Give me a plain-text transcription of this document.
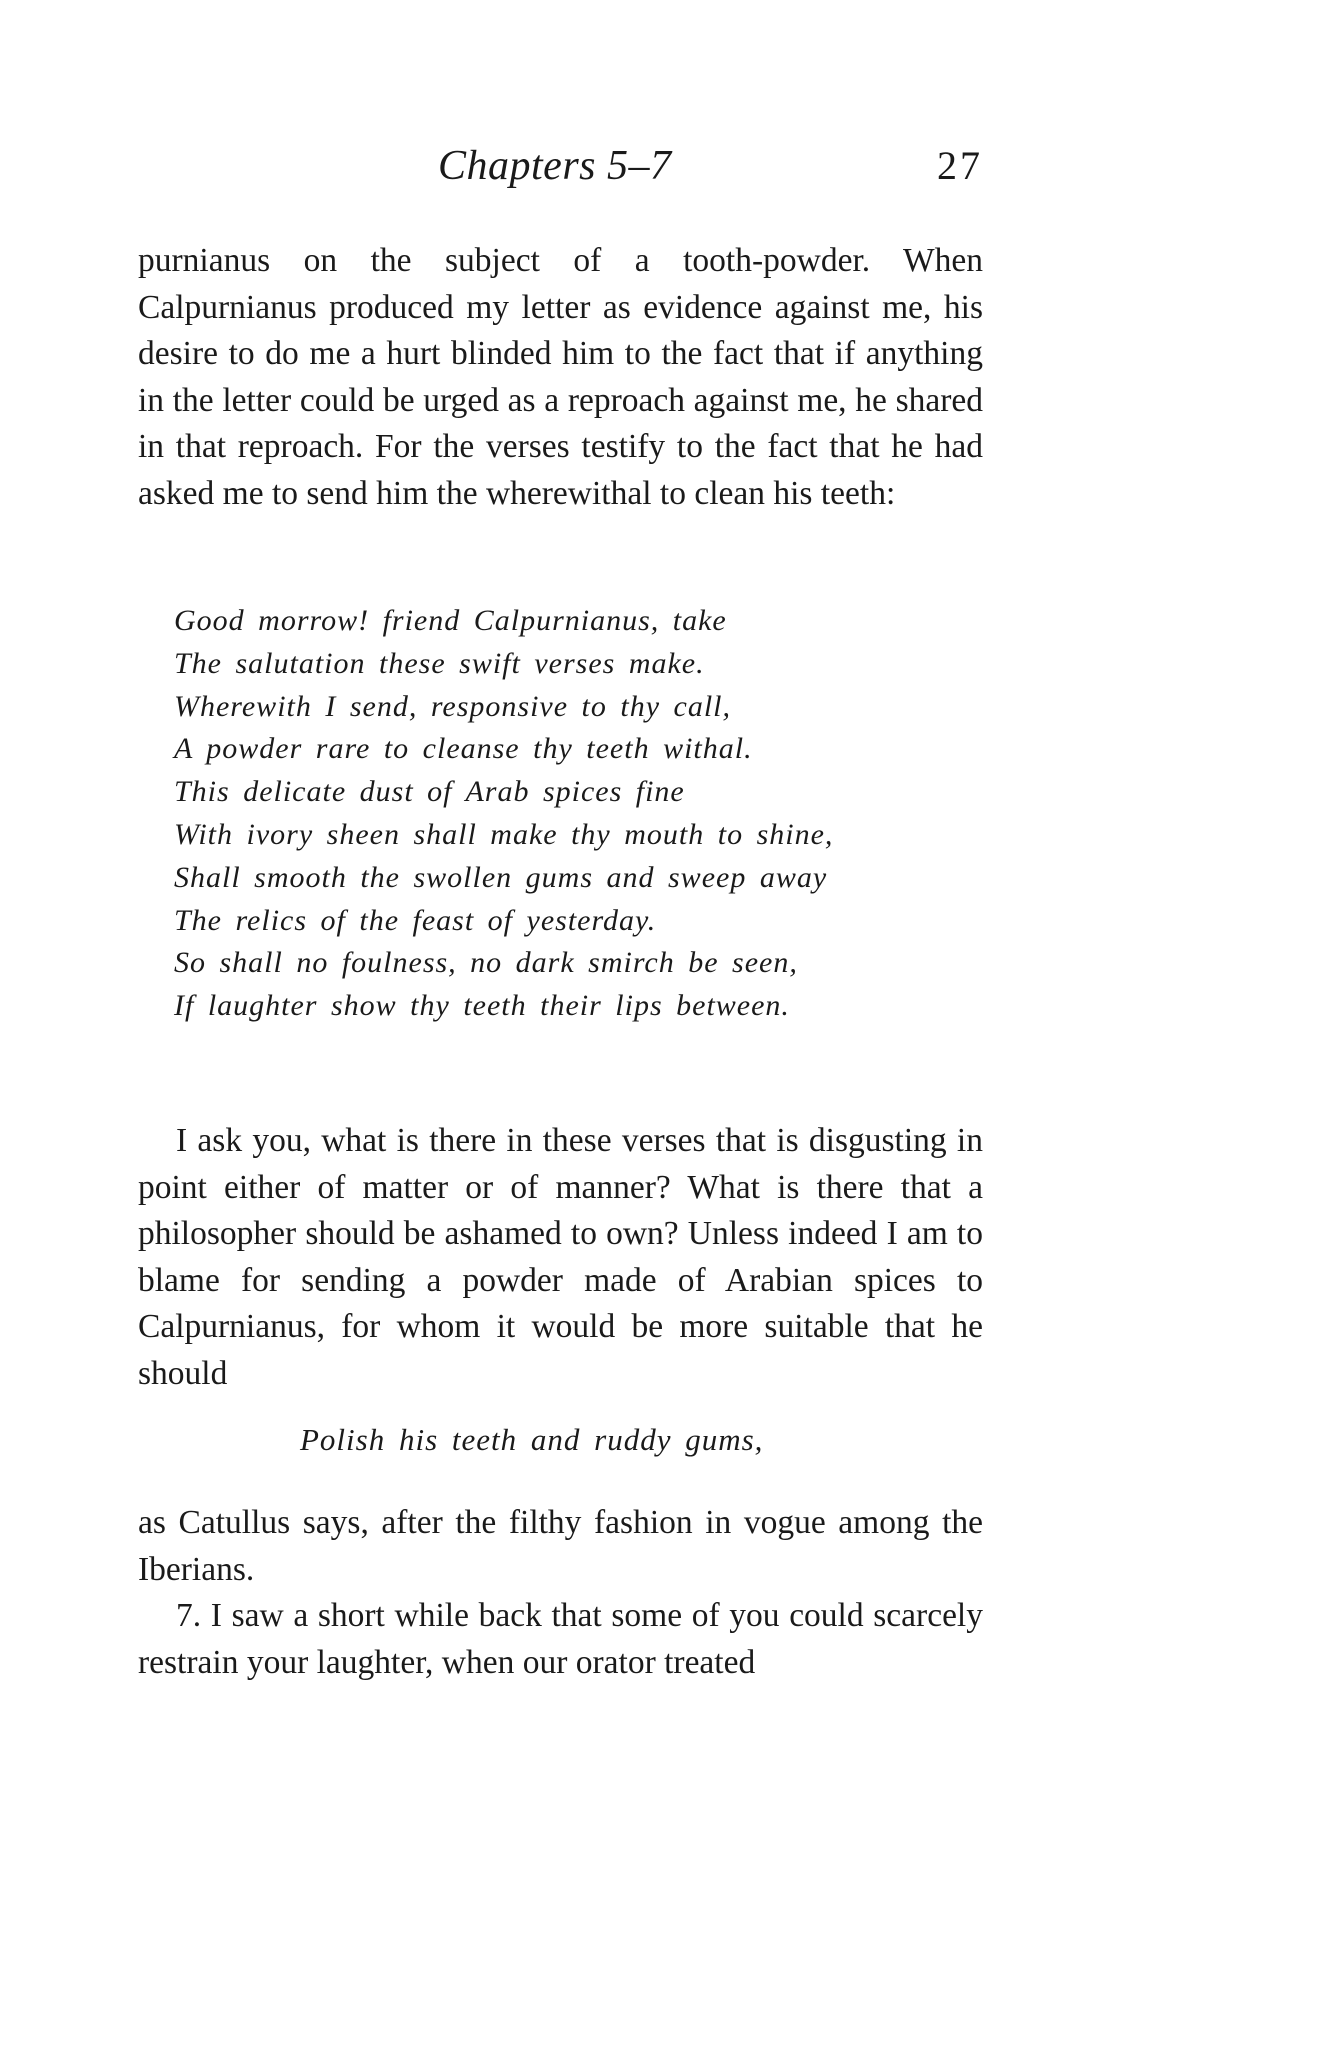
Chapters 5–7	27

purnianus on the subject of a tooth-powder. When Calpurnianus produced my letter as evidence against me, his desire to do me a hurt blinded him to the fact that if anything in the letter could be urged as a reproach against me, he shared in that reproach. For the verses testify to the fact that he had asked me to send him the wherewithal to clean his teeth:

Good morrow! friend Calpurnianus, take
The salutation these swift verses make.
Wherewith I send, responsive to thy call,
A powder rare to cleanse thy teeth withal.
This delicate dust of Arab spices fine
With ivory sheen shall make thy mouth to shine,
Shall smooth the swollen gums and sweep away
The relics of the feast of yesterday.
So shall no foulness, no dark smirch be seen,
If laughter show thy teeth their lips between.

I ask you, what is there in these verses that is disgusting in point either of matter or of manner? What is there that a philosopher should be ashamed to own? Unless indeed I am to blame for sending a powder made of Arabian spices to Calpurnianus, for whom it would be more suitable that he should

Polish his teeth and ruddy gums,

as Catullus says, after the filthy fashion in vogue among the Iberians.

7. I saw a short while back that some of you could scarcely restrain your laughter, when our orator treated
